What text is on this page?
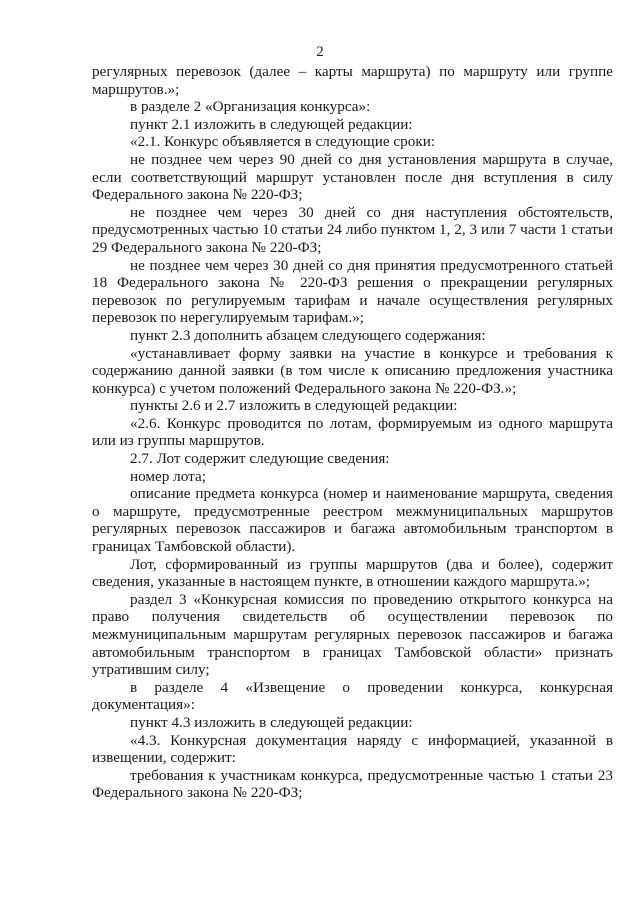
2

регулярных перевозок (далее – карты маршрута) по маршруту или группе маршрутов.»;

в разделе 2 «Организация конкурса»:

пункт 2.1 изложить в следующей редакции:

«2.1. Конкурс объявляется в следующие сроки:

не позднее чем через 90 дней со дня установления маршрута в случае, если соответствующий маршрут установлен после дня вступления в силу Федерального закона № 220-ФЗ;

не позднее чем через 30 дней со дня наступления обстоятельств, предусмотренных частью 10 статьи 24 либо пунктом 1, 2, 3 или 7 части 1 статьи 29 Федерального закона № 220-ФЗ;

не позднее чем через 30 дней со дня принятия предусмотренного статьей 18 Федерального закона № 220-ФЗ решения о прекращении регулярных перевозок по регулируемым тарифам и начале осуществления регулярных перевозок по нерегулируемым тарифам.»;

пункт 2.3 дополнить абзацем следующего содержания:

«устанавливает форму заявки на участие в конкурсе и требования к содержанию данной заявки (в том числе к описанию предложения участника конкурса) с учетом положений Федерального закона № 220-ФЗ.»;

пункты 2.6 и 2.7 изложить в следующей редакции:

«2.6. Конкурс проводится по лотам, формируемым из одного маршрута или из группы маршрутов.

2.7. Лот содержит следующие сведения:

номер лота;

описание предмета конкурса (номер и наименование маршрута, сведения о маршруте, предусмотренные реестром межмуниципальных маршрутов регулярных перевозок пассажиров и багажа автомобильным транспортом в границах Тамбовской области).

Лот, сформированный из группы маршрутов (два и более), содержит сведения, указанные в настоящем пункте, в отношении каждого маршрута.»;

раздел 3 «Конкурсная комиссия по проведению открытого конкурса на право получения свидетельств об осуществлении перевозок по межмуниципальным маршрутам регулярных перевозок пассажиров и багажа автомобильным транспортом в границах Тамбовской области» признать утратившим силу;

в разделе 4 «Извещение о проведении конкурса, конкурсная документация»:

пункт 4.3 изложить в следующей редакции:

«4.3. Конкурсная документация наряду с информацией, указанной в извещении, содержит:

требования к участникам конкурса, предусмотренные частью 1 статьи 23 Федерального закона № 220-ФЗ;
